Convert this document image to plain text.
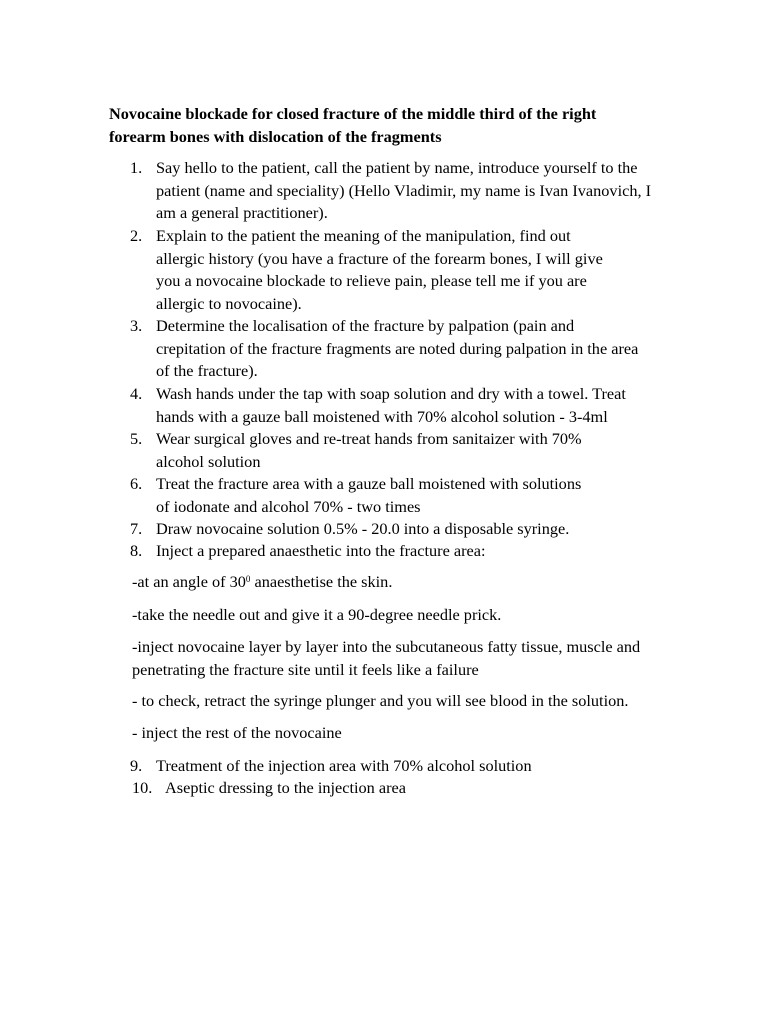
Novocaine blockade for closed fracture of the middle third of the right
forearm bones with dislocation of the fragments
1. Say hello to the patient, call the patient by name, introduce yourself to the
patient (name and speciality) (Hello Vladimir, my name is Ivan Ivanovich, I
am a general practitioner).
2. Explain to the patient the meaning of the manipulation, find out
allergic history (you have a fracture of the forearm bones, I will give
you a novocaine blockade to relieve pain, please tell me if you are
allergic to novocaine).
3. Determine the localisation of the fracture by palpation (pain and
crepitation of the fracture fragments are noted during palpation in the area
of the fracture).
4. Wash hands under the tap with soap solution and dry with a towel. Treat
hands with a gauze ball moistened with 70% alcohol solution - 3-4ml
5. Wear surgical gloves and re-treat hands from sanitaizer with 70%
alcohol solution
6. Treat the fracture area with a gauze ball moistened with solutions
of iodonate and alcohol 70% - two times
7. Draw novocaine solution 0.5% - 20.0 into a disposable syringe.
8. Inject a prepared anaesthetic into the fracture area:
-at an angle of $30^0$ anaesthetise the skin.
-take the needle out and give it a 90-degree needle prick.
-inject novocaine layer by layer into the subcutaneous fatty tissue, muscle and
penetrating the fracture site until it feels like a failure
- to check, retract the syringe plunger and you will see blood in the solution.
- inject the rest of the novocaine
9. Treatment of the injection area with 70% alcohol solution
10. Aseptic dressing to the injection area
